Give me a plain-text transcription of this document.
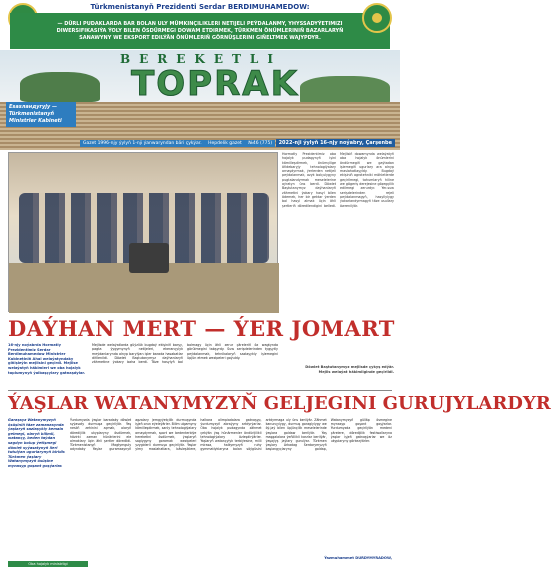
Türkmenistanyň Prezidenti Serdar BERDIMUHAMEDOW:
— DÜRLI PUDAKLARDA BAR BOLAN ULY MÜMKINÇILIKLERI NETIJELI PEÝDALANMY, YHYSSADYÝETIMIZI
DIWERSIFIKASIÝA ÝOLY BILEN ÖSDÜRMEGI DOWAM ETDIRMEK, TÜRKMEN ÖNÜMLERINIŇ BAZARLARYŇ
SANAWYNY WE EKSPORT EDILÝÄN ÖNÜMLERIŇ GÖRNÜŞLERINI GIŇELTMEK WAJYPDYR.
BEREKETLI
TOPRAK
Esasландyryjy — Türkmenistanyň Ministrler Kabineti
Gazet 1996-njy ýylyň 1-nji ýanwaryndan bäri çykýar.	Hepdelik gazet	№46 (775)	2022-nji ýylyň 16-njy noýabry, Çarşenbe
Hormatly Prezidentimiz oba hojalyk pudagynyň işini kämilleşdirmek, önümçilige öňdebaryjy tehnologiýalary ornaşdyrmak, ýerlerden netijeli peýdalanmak, azyk bolçulygyny pugtalandyrmak meselelerine aýratyn üns berdi. Döwlet Baştutanymyz daýhanlaryň zähmetini ýokary hasyl bilen ödemek, her bir gektar ýerden bol hasyl almak üçin ähli şertleriň döredilendigini belledi. Mejlisiň dowamynda welaýatyň oba hojalyk önümlerini öndürmegiň we gaýtadan işlemegiň ugurlary ara alnyp maslahatlaşyldy. Bugdaý ekişiniň agrotehniki möhletlerde geçirilmegi, tohumlaryň hiline we gögeriş derejesine gözegçilik edilmegi zerurdyr. Ýer-suw serişdelerinden rejeli peýdalanmagyň, hasyllylygy ýokarlandyrmagyň täze usullary öwrenilýär.
DAÝHAN MERT — ÝER JOMART
16-njy noýabrda Hormatly Prezidentimiz Serdar Berdimuhamedow Ministrler Kabinetiniň Ahal welaýatyndaky giňişleýin mejlisini geçirdi. Mejlise welaýatyň häkimleri we oba hojalyk toplumynyň ýolbaşçylary gatnaşdylar.
Mejlisde welaýatlarda güýzlük bugdaý ekişiniň barşy, pagta ýygymynyň netijeleri, ekerançylyk meýdanlarynda alnyp barylýan işler barada hasabatlar diňlenildi. Döwlet Baştutanymyz daýhanlaryň zähmetine ýokary baha berdi. Täze hasylyň bol bolmagy üçin ähli zerur çäreleriň öz wagtynda görülmegini tabşyrdy. Suw serişdelerinden tygşytly peýdalanmak, tehnikalaryň sazlaşykly işlemegini üpjün etmek wezipeleri goýuldy.
Döwlet Baştutanymyz mejlisde çykyş edýär.
Mejlis welaýat häkimliginde geçirildi.
ÝAŞLAR WATANYMYZYŇ GELJEGINI GURUJYLARDYR
Garaşsyz Watanymyzyň ösüşiniň täze zamanasynda ýaşlaryň sazlaşykly kemala gelmegi, olaryň bilimli, watançy, beden taýdan sagdyn bolup ýetişmegi döwlet syýasatynyň ileri tutulýan ugurlarynyň biridir. Türkmen ýaşlary Watanymyzyň ösüşine mynasyp goşant goşýarlar.
Ýurdumyzda ýaşlar baradaky döwlet syýasaty durmuşa geçirilýär. Ýaş nesliň zehinini açmak, olaryň döredijilik ukyplaryny ösdürmek, häzirki zaman hünärlerini ele almaklary üçin ähli şertler döredildi. Türkmenistanyň Magtymguly adyndaky Ýaşlar guramasynyň agzalary jemgyýetçilik durmuşynda işjeň orun eýeleýärler. Bilim ulgamyny kämilleşdirmek, sanly tehnologiýalary ornaşdyrmak, sport we bedenterbiýe hereketini ösdürmek, ýaşlaryň saglygyny goramak wezipeleri yzygiderli durmuşa geçirilýär. Ýaşlar ylmy maslahatlara, bäsleşiklere, halkara olimpiadalara gatnaşyp, ýurdumyzyň abraýyny artdyrýarlar. Oba hojalyk pudagynda zähmet çekýän ýaş hünärmenler öndürijilikli tehnologiýalary özleşdirýärler. Ýaşlaryň watançylyk terbiýesine, milli mirasa, halkymyzyň ruhy gymmatlyklaryna bolan söýgüsini artdyrmaga uly üns berilýär. Zähmet kanunçylygy, durmuş goraglylygy we öý-jaý bilen üpjünçilik meselelerinde ýaşlara goldaw berilýär. Ýaş maşgalalara ýeňillikli karzlar berilýär, ýaşaýyş jaýlary gurulýar. Türkmen ýaşlary Arkadag Serdarymyzyň başlangyçlaryny goldap, Watanymyzyň gülläp ösmegine mynasyp goşant goşýarlar. Ýurdumyzda geçirilýän medeni çärelere, döredijilik festiwallaryna ýaşlar işjeň gatnaşýarlar we öz ukyplaryny görkezýärler.
Ýazmuhammet DURDYMYRADOW,
Oba hojalyk ministrligi
